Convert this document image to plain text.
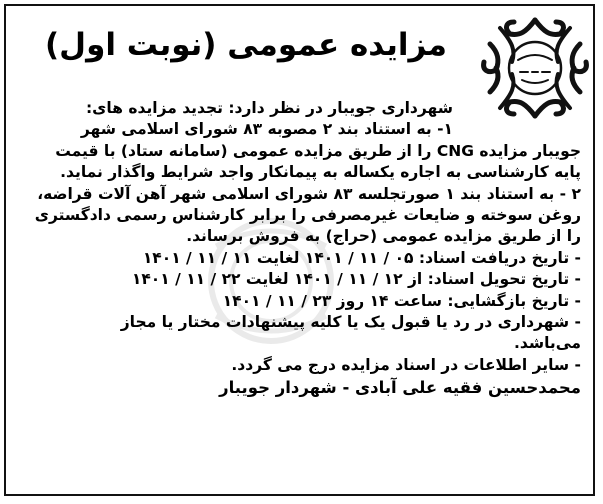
مزایده عمومی (نوبت اول)
شهرداری جویبار در نظر دارد: تجدید مزایده های:
۱- به استناد بند ۲ مصوبه ۸۳ شورای اسلامی شهر
جویبار مزایده CNG را از طریق مزایده عمومی (سامانه ستاد) با قیمت
پایه کارشناسی به اجاره یکساله به پیمانکار واجد شرایط واگذار نماید.
۲ - به استناد بند ۱ صورتجلسه ۸۳ شورای اسلامی شهر آهن آلات قراضه،
روغن سوخته و ضایعات غیرمصرفی را برابر کارشناس رسمی دادگستری
را از طریق مزایده عمومی (حراج) به فروش برساند.
- تاریخ دریافت اسناد: ۰۵ / ۱۱ / ۱۴۰۱ لغایت ۱۱ / ۱۱ / ۱۴۰۱
- تاریخ تحویل اسناد: از ۱۲ / ۱۱ / ۱۴۰۱ لغایت ۲۲ / ۱۱ / ۱۴۰۱
- تاریخ بازگشایی: ساعت ۱۴ روز ۲۳ / ۱۱ / ۱۴۰۱
- شهرداری در رد یا قبول یک یا کلیه پیشنهادات مختار یا مجاز
می‌باشد.
- سایر اطلاعات در اسناد مزایده درج می گردد.
محمدحسین فقیه علی آبادی - شهردار جویبار
